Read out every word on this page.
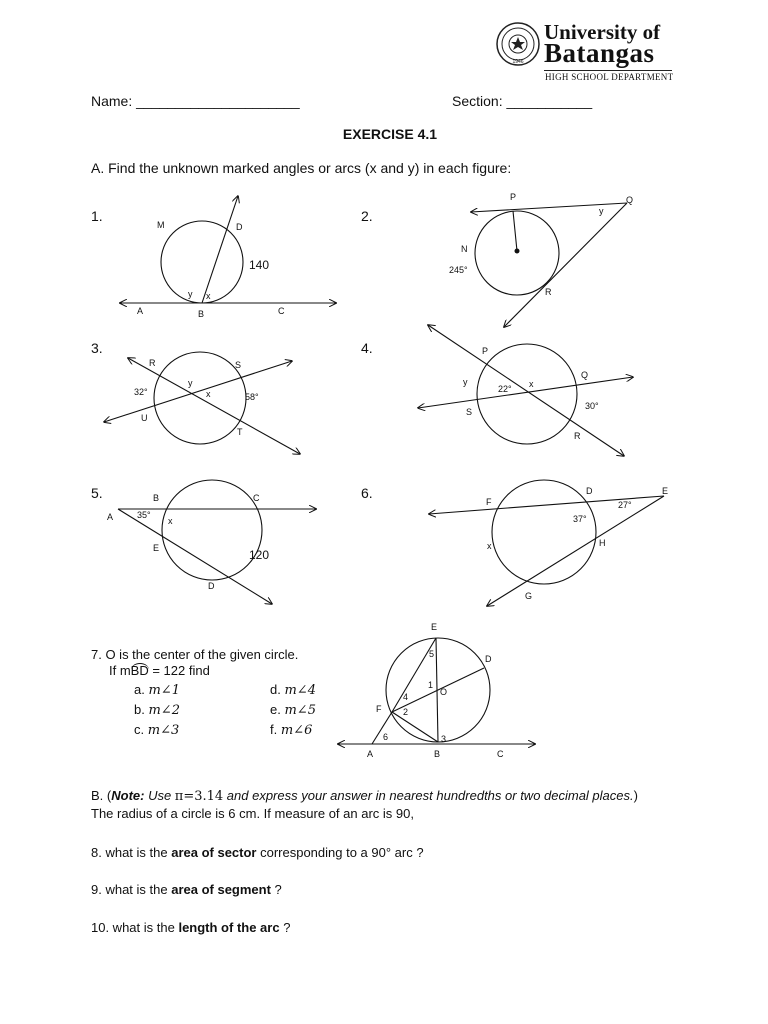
1946
University of
Batangas
HIGH SCHOOL DEPARTMENT
Name: _____________________	Section: ___________
EXERCISE 4.1
A. Find the unknown marked angles or arcs (x and y) in each figure:
1.	2.
3.	4.
5.	6.
M	D
140
y x
A	B	C
P	Q
y
N
245°
R
R	S
32°
y
x	58°
U
T
P
Q
y
22° x
30°
S
R
A
B	C
35°
x
E	120
D
F
D	E
27°
37°
x	H
G
E
D
5
1
O
4
F 2
6	3
A	B	C
7. O is the center of the given circle.
If mBD = 122 find
a. m∠1
b. m∠2
c. m∠3
d. m∠4
e. m∠5
f. m∠6
B. (Note: Use π=3.14 and express your answer in nearest hundredths or two decimal places.)
The radius of a circle is 6 cm. If measure of an arc is 90,
8. what is the area of sector corresponding to a 90° arc ?
9. what is the area of segment ?
10. what is the length of the arc ?
